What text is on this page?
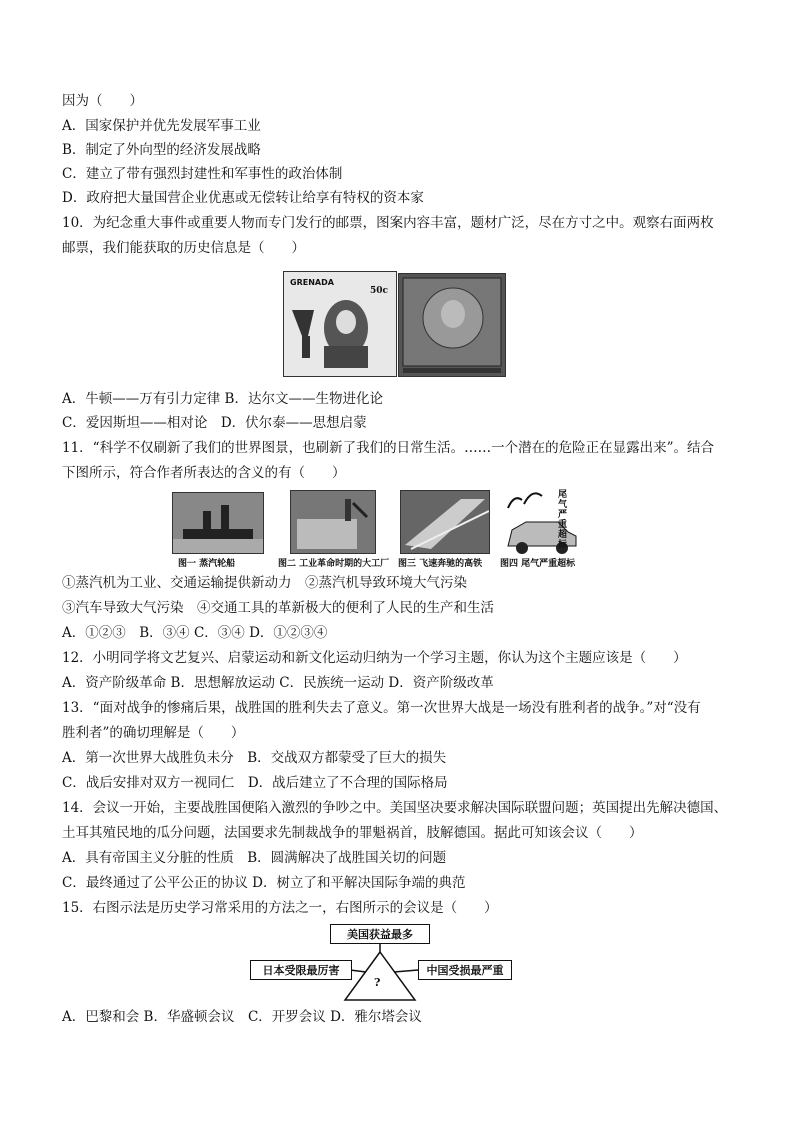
因为（　　）
A．国家保护并优先发展军事工业
B．制定了外向型的经济发展战略
C．建立了带有强烈封建性和军事性的政治体制
D．政府把大量国营企业优惠或无偿转让给享有特权的资本家
10．为纪念重大事件或重要人物而专门发行的邮票，图案内容丰富，题材广泛，尽在方寸之中。观察右面两枚
邮票，我们能获取的历史信息是（　　）
GRENADA
50c
A．牛顿——万有引力定律 B．达尔文——生物进化论
C．爱因斯坦——相对论　D．伏尔泰——思想启蒙
11．“科学不仅刷新了我们的世界图景，也刷新了我们的日常生活。……一个潜在的危险正在显露出来”。结合
下图所示，符合作者所表达的含义的有（　　）
尾气严重超标
图一 蒸汽轮船	图二 工业革命时期的大工厂 图三 飞速奔驰的高铁 图四 尾气严重超标
①蒸汽机为工业、交通运输提供新动力　②蒸汽机导致环境大气污染
③汽车导致大气污染　④交通工具的革新极大的便利了人民的生产和生活
A．①②③　B．③④ C．③④ D．①②③④
12．小明同学将文艺复兴、启蒙运动和新文化运动归纳为一个学习主题，你认为这个主题应该是（　　）
A．资产阶级革命 B．思想解放运动 C．民族统一运动 D．资产阶级改革
13．“面对战争的惨痛后果，战胜国的胜利失去了意义。第一次世界大战是一场没有胜利者的战争。”对“没有
胜利者”的确切理解是（　　）
A．第一次世界大战胜负未分　B．交战双方都蒙受了巨大的损失
C．战后安排对双方一视同仁　D．战后建立了不合理的国际格局
14．会议一开始，主要战胜国便陷入激烈的争吵之中。美国坚决要求解决国际联盟问题；英国提出先解决德国、
土耳其殖民地的瓜分问题，法国要求先制裁战争的罪魁祸首，肢解德国。据此可知该会议（　　）
A．具有帝国主义分脏的性质　B．圆满解决了战胜国关切的问题
C．最终通过了公平公正的协议 D．树立了和平解决国际争端的典范
15．右图示法是历史学习常采用的方法之一，右图所示的会议是（　　）
美国获益最多
日本受限最厉害	中国受损最严重
?
A．巴黎和会 B．华盛顿会议　C．开罗会议 D．雅尔塔会议
